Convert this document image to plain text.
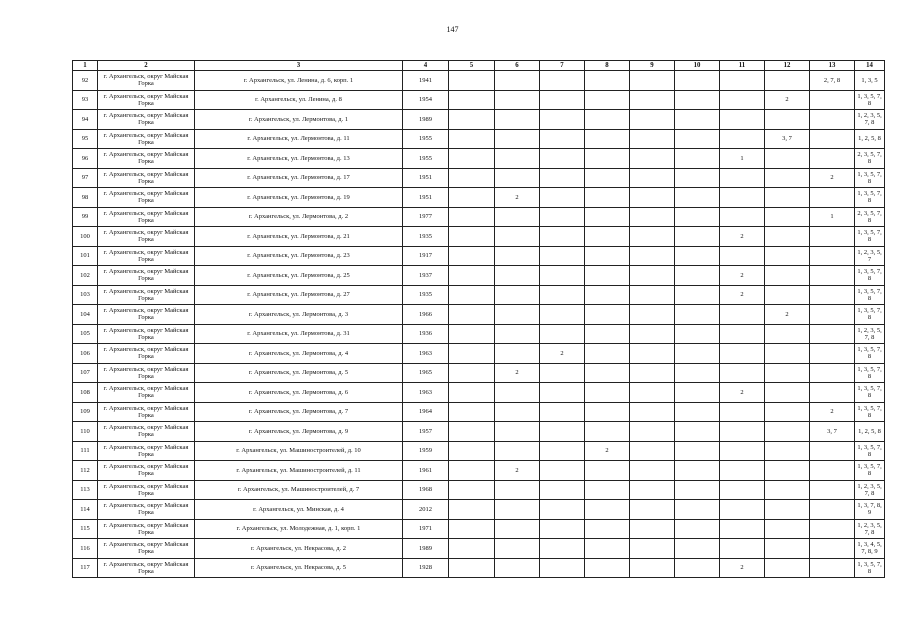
147
1	2	3	4	5	6	7	8	9	10	11	12	13	14
92	г. Архангельск, округ Майская Горка	г. Архангельск, ул. Ленина, д. 6, корп. 1	1941									2, 7, 8	1, 3, 5
93	г. Архангельск, округ Майская Горка	г. Архангельск, ул. Ленина, д. 8	1954								2		1, 3, 5, 7, 8
94	г. Архангельск, округ Майская Горка	г. Архангельск, ул. Лермонтова, д. 1	1989										1, 2, 3, 5, 7, 8
95	г. Архангельск, округ Майская Горка	г. Архангельск, ул. Лермонтова, д. 11	1955								3, 7		1, 2, 5, 8
96	г. Архангельск, округ Майская Горка	г. Архангельск, ул. Лермонтова, д. 13	1955							1			2, 3, 5, 7, 8
97	г. Архангельск, округ Майская Горка	г. Архангельск, ул. Лермонтова, д. 17	1951									2	1, 3, 5, 7, 8
98	г. Архангельск, округ Майская Горка	г. Архангельск, ул. Лермонтова, д. 19	1951		2								1, 3, 5, 7, 8
99	г. Архангельск, округ Майская Горка	г. Архангельск, ул. Лермонтова, д. 2	1977									1	2, 3, 5, 7, 8
100	г. Архангельск, округ Майская Горка	г. Архангельск, ул. Лермонтова, д. 21	1935							2			1, 3, 5, 7, 8
101	г. Архангельск, округ Майская Горка	г. Архангельск, ул. Лермонтова, д. 23	1917										1, 2, 3, 5, 7
102	г. Архангельск, округ Майская Горка	г. Архангельск, ул. Лермонтова, д. 25	1937							2			1, 3, 5, 7, 8
103	г. Архангельск, округ Майская Горка	г. Архангельск, ул. Лермонтова, д. 27	1935							2			1, 3, 5, 7, 8
104	г. Архангельск, округ Майская Горка	г. Архангельск, ул. Лермонтова, д. 3	1966								2		1, 3, 5, 7, 8
105	г. Архангельск, округ Майская Горка	г. Архангельск, ул. Лермонтова, д. 31	1936										1, 2, 3, 5, 7, 8
106	г. Архангельск, округ Майская Горка	г. Архангельск, ул. Лермонтова, д. 4	1963			2							1, 3, 5, 7, 8
107	г. Архангельск, округ Майская Горка	г. Архангельск, ул. Лермонтова, д. 5	1965		2								1, 3, 5, 7, 8
108	г. Архангельск, округ Майская Горка	г. Архангельск, ул. Лермонтова, д. 6	1963							2			1, 3, 5, 7, 8
109	г. Архангельск, округ Майская Горка	г. Архангельск, ул. Лермонтова, д. 7	1964									2	1, 3, 5, 7, 8
110	г. Архангельск, округ Майская Горка	г. Архангельск, ул. Лермонтова, д. 9	1957									3, 7	1, 2, 5, 8
111	г. Архангельск, округ Майская Горка	г. Архангельск, ул. Машиностроителей, д. 10	1959				2						1, 3, 5, 7, 8
112	г. Архангельск, округ Майская Горка	г. Архангельск, ул. Машиностроителей, д. 11	1961		2								1, 3, 5, 7, 8
113	г. Архангельск, округ Майская Горка	г. Архангельск, ул. Машиностроителей, д. 7	1968										1, 2, 3, 5, 7, 8
114	г. Архангельск, округ Майская Горка	г. Архангельск, ул. Минская, д. 4	2012										1, 3, 7, 8, 9
115	г. Архангельск, округ Майская Горка	г. Архангельск, ул. Молодежная, д. 1, корп. 1	1971										1, 2, 3, 5, 7, 8
116	г. Архангельск, округ Майская Горка	г. Архангельск, ул. Некрасова, д. 2	1989										1, 3, 4, 5, 7, 8, 9
117	г. Архангельск, округ Майская Горка	г. Архангельск, ул. Некрасова, д. 5	1928							2			1, 3, 5, 7, 8
